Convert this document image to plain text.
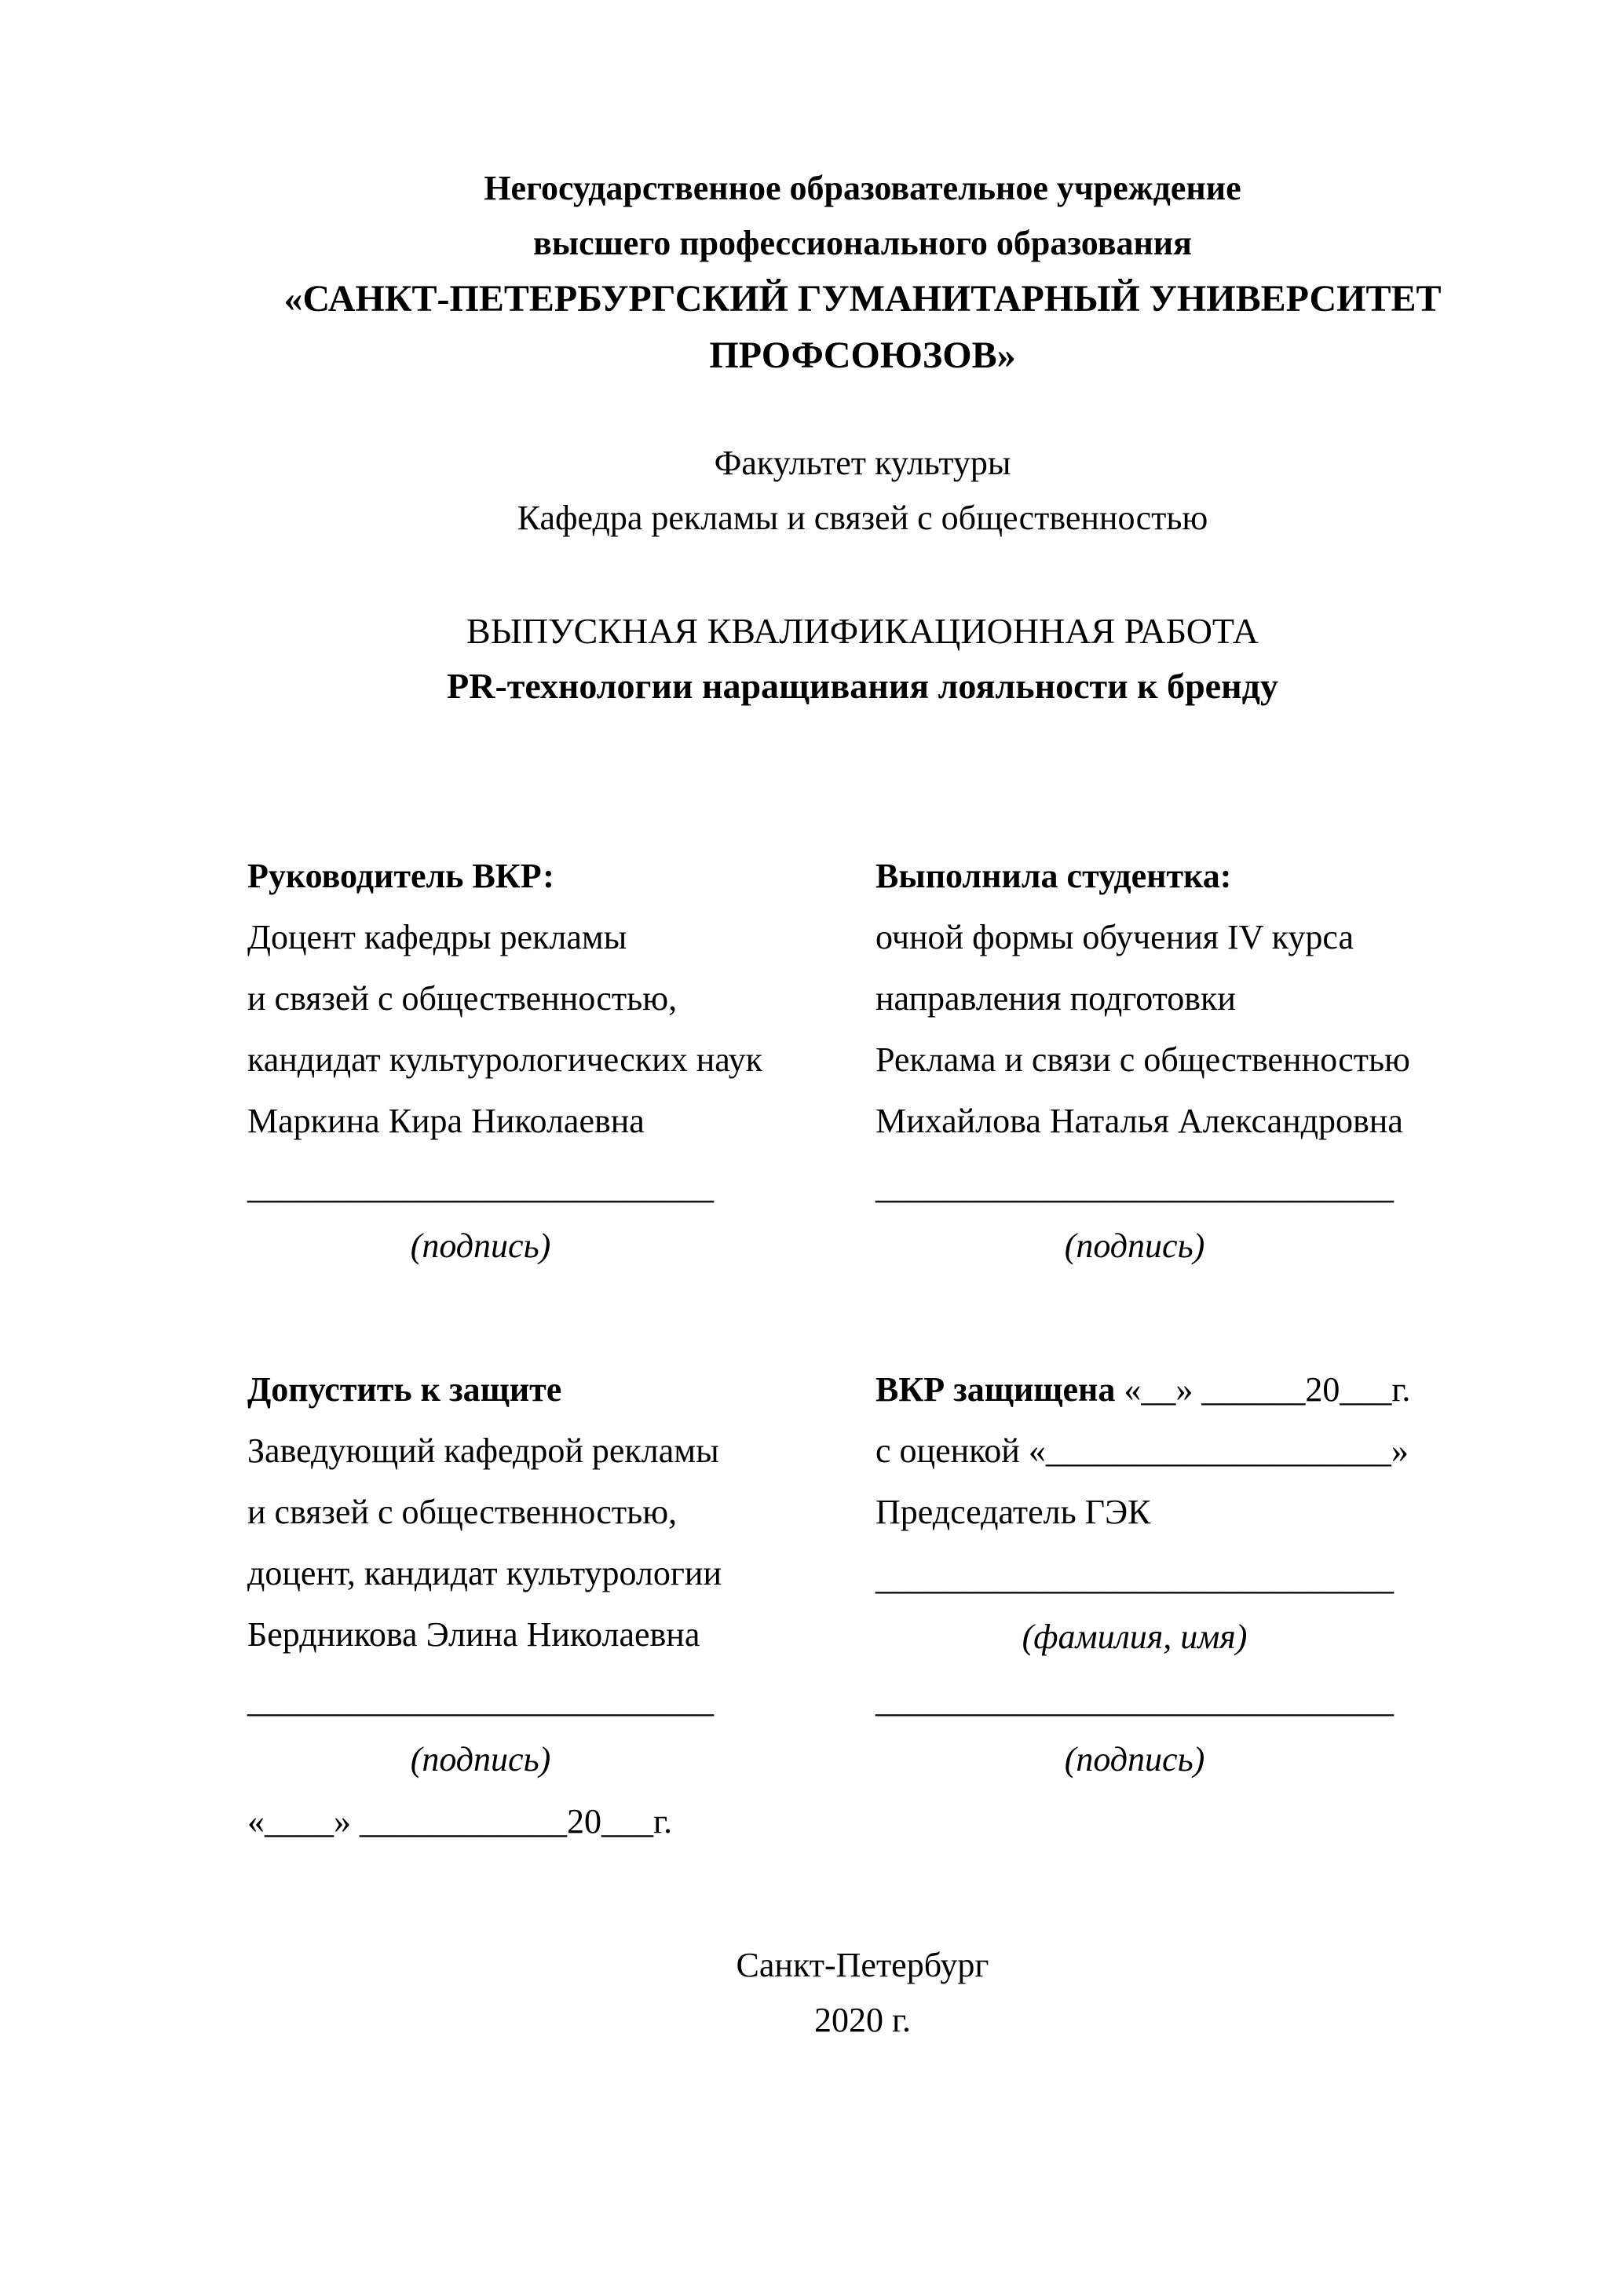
Негосударственное образовательное учреждение
высшего профессионального образования
«САНКТ-ПЕТЕРБУРГСКИЙ ГУМАНИТАРНЫЙ УНИВЕРСИТЕТ ПРОФСОЮЗОВ»
Факультет культуры
Кафедра рекламы и связей с общественностью
ВЫПУСКНАЯ КВАЛИФИКАЦИОННАЯ РАБОТА
PR-технологии наращивания лояльности к бренду
Руководитель ВКР:
Доцент кафедры рекламы
и связей с общественностью,
кандидат культурологических наук
Маркина Кира Николаевна
___________________________
(подпись)
Выполнила студентка:
очной формы обучения IV курса
направления подготовки
Реклама и связи с общественностью
Михайлова Наталья Александровна
______________________________
(подпись)
Допустить к защите
Заведующий кафедрой рекламы
и связей с общественностью,
доцент, кандидат культурологии
Бердникова Элина Николаевна
___________________________
(подпись)
«____» ____________20___г.
ВКР защищена «__» ______20___г.
с оценкой «____________________»
Председатель ГЭК
______________________________
(фамилия, имя)

______________________________
(подпись)
Санкт-Петербург
2020 г.
